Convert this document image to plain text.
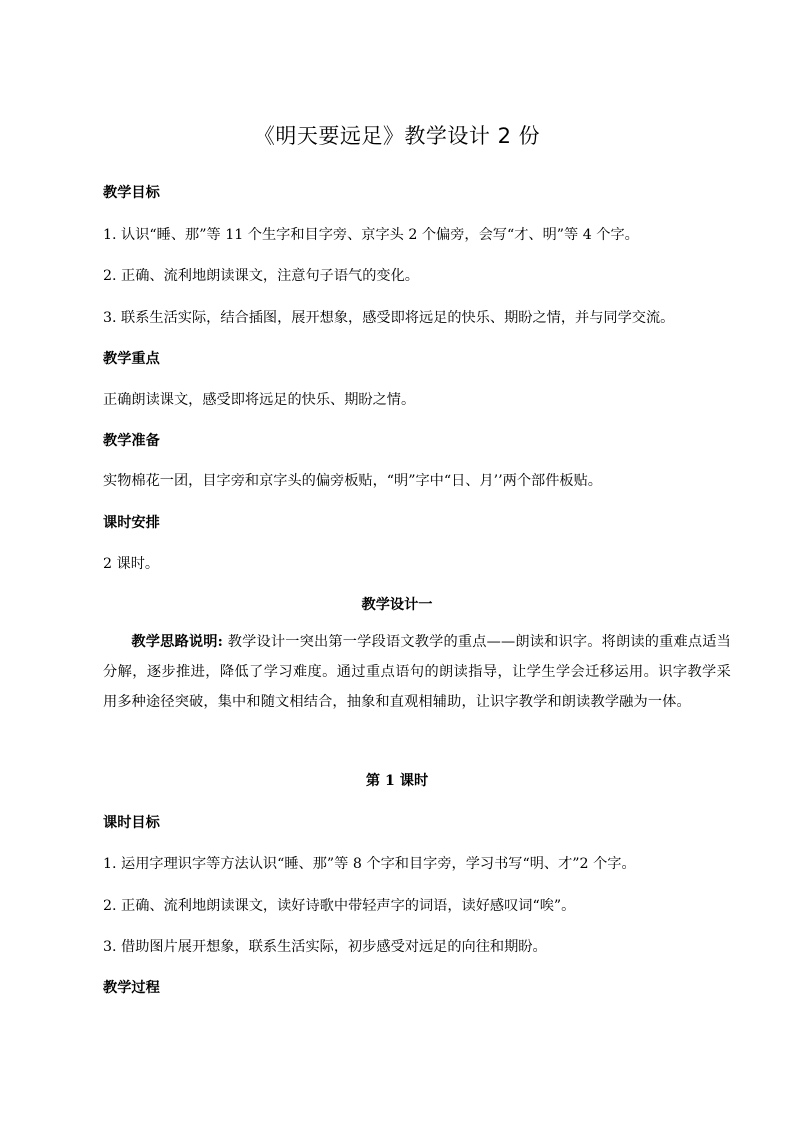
《明天要远足》教学设计 2 份
教学目标
1. 认识“睡、那”等 11 个生字和目字旁、京字头 2 个偏旁，会写“才、明”等 4 个字。
2. 正确、流利地朗读课文，注意句子语气的变化。
3. 联系生活实际，结合插图，展开想象，感受即将远足的快乐、期盼之情，并与同学交流。
教学重点
正确朗读课文，感受即将远足的快乐、期盼之情。
教学准备
实物棉花一团，目字旁和京字头的偏旁板贴，“明”字中“日、月’’两个部件板贴。
课时安排
2 课时。
教学设计一
教学思路说明: 教学设计一突出第一学段语文教学的重点——朗读和识字。将朗读的重难点适当分解，逐步推进，降低了学习难度。通过重点语句的朗读指导，让学生学会迁移运用。识字教学采用多种途径突破，集中和随文相结合，抽象和直观相辅助，让识字教学和朗读教学融为一体。
第 1 课时
课时目标
1. 运用字理识字等方法认识“睡、那”等 8 个字和目字旁，学习书写“明、才”2 个字。
2. 正确、流利地朗读课文，读好诗歌中带轻声字的词语，读好感叹词“唉”。
3. 借助图片展开想象，联系生活实际，初步感受对远足的向往和期盼。
教学过程
